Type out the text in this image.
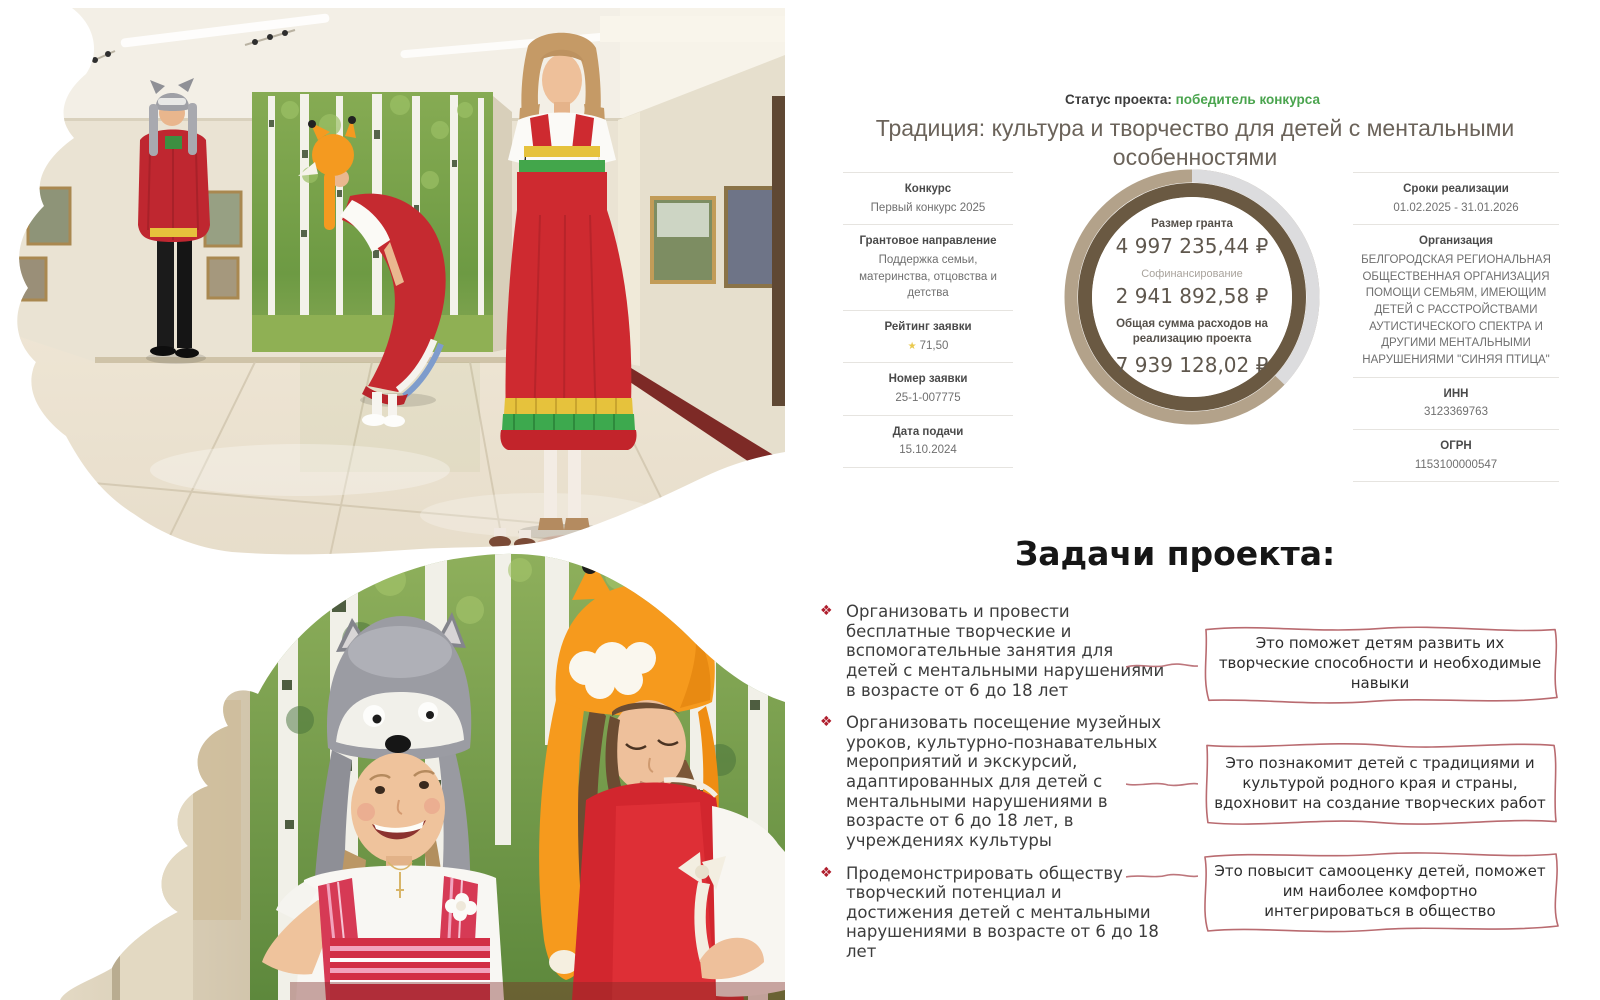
Статус проекта: победитель конкурса
Традиция: культура и творчество для детей с ментальными особенностями
Конкурс
Первый конкурс 2025
Грантовое направление
Поддержка семьи, материнства, отцовства и детства
Рейтинг заявки
★ 71,50
Номер заявки
25-1-007775
Дата подачи
15.10.2024
Размер гранта
4 997 235,44 ₽
Софинансирование
2 941 892,58 ₽
Общая сумма расходов на реализацию проекта
7 939 128,02 ₽
Сроки реализации
01.02.2025 - 31.01.2026
Организация
БЕЛГОРОДСКАЯ РЕГИОНАЛЬНАЯ ОБЩЕСТВЕННАЯ ОРГАНИЗАЦИЯ ПОМОЩИ СЕМЬЯМ, ИМЕЮЩИМ ДЕТЕЙ С РАССТРОЙСТВАМИ АУТИСТИЧЕСКОГО СПЕКТРА И ДРУГИМИ МЕНТАЛЬНЫМИ НАРУШЕНИЯМИ "СИНЯЯ ПТИЦА"
ИНН
3123369763
ОГРН
1153100000547
Задачи проекта:
❖ Организовать и провести бесплатные творческие и вспомогательные занятия для детей с ментальными нарушениями в возрасте от 6 до 18 лет
❖ Организовать посещение музейных уроков, культурно-познавательных мероприятий и экскурсий, адаптированных для детей с ментальными нарушениями в возрасте от 6 до 18 лет, в учреждениях культуры
❖ Продемонстрировать обществу творческий потенциал и достижения детей с ментальными нарушениями в возрасте от 6 до 18 лет
Это поможет детям развить их творческие способности и необходимые навыки
Это познакомит детей с традициями и культурой родного края и страны, вдохновит на создание творческих работ
Это повысит самооценку детей, поможет им наиболее комфортно интегрироваться в общество
